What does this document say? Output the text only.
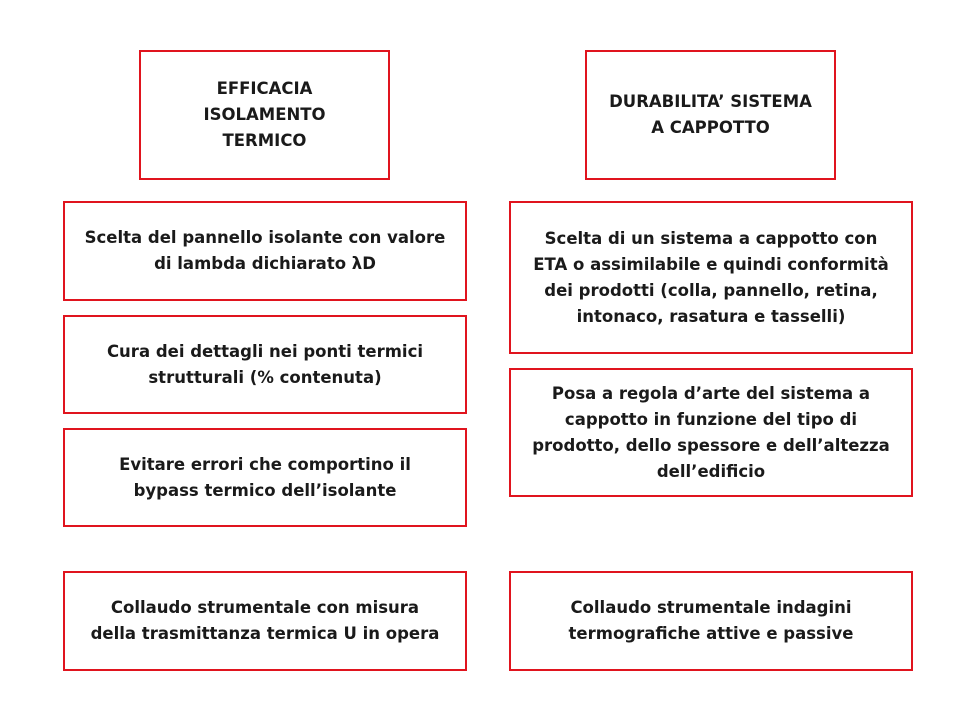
EFFICACIA
ISOLAMENTO
TERMICO
Scelta del pannello isolante con valore
di lambda dichiarato λD
Cura dei dettagli nei ponti termici
strutturali (% contenuta)
Evitare errori che comportino il
bypass termico dell’isolante
Collaudo strumentale con misura
della trasmittanza termica U in opera
DURABILITA’ SISTEMA
A CAPPOTTO
Scelta di un sistema a cappotto con
ETA o assimilabile e quindi conformità
dei prodotti (colla, pannello, retina,
intonaco, rasatura e tasselli)
Posa a regola d’arte del sistema a
cappotto in funzione del tipo di
prodotto, dello spessore e dell’altezza
dell’edificio
Collaudo strumentale indagini
termografiche attive e passive
